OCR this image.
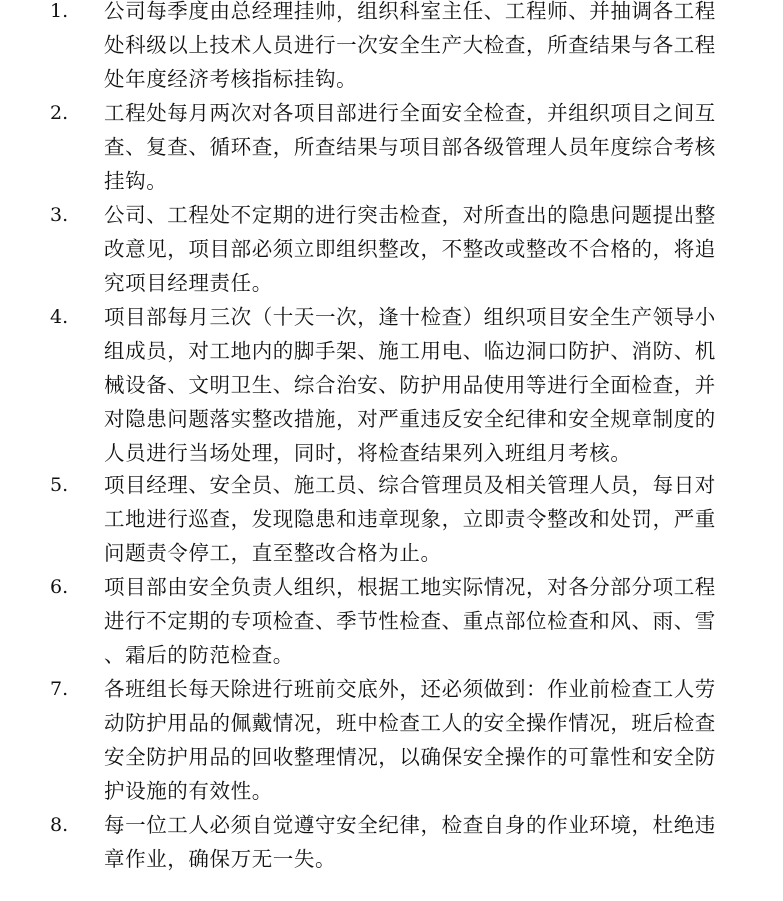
1. 公司每季度由总经理挂帅，组织科室主任、工程师、并抽调各工程
处科级以上技术人员进行一次安全生产大检查，所查结果与各工程
处年度经济考核指标挂钩。
2. 工程处每月两次对各项目部进行全面安全检查，并组织项目之间互
查、复查、循环查，所查结果与项目部各级管理人员年度综合考核
挂钩。
3. 公司、工程处不定期的进行突击检查，对所查出的隐患问题提出整
改意见，项目部必须立即组织整改，不整改或整改不合格的，将追
究项目经理责任。
4. 项目部每月三次（十天一次，逢十检查）组织项目安全生产领导小
组成员，对工地内的脚手架、施工用电、临边洞口防护、消防、机
械设备、文明卫生、综合治安、防护用品使用等进行全面检查，并
对隐患问题落实整改措施，对严重违反安全纪律和安全规章制度的
人员进行当场处理，同时，将检查结果列入班组月考核。
5. 项目经理、安全员、施工员、综合管理员及相关管理人员，每日对
工地进行巡查，发现隐患和违章现象，立即责令整改和处罚，严重
问题责令停工，直至整改合格为止。
6. 项目部由安全负责人组织，根据工地实际情况，对各分部分项工程
进行不定期的专项检查、季节性检查、重点部位检查和风、雨、雪
、霜后的防范检查。
7. 各班组长每天除进行班前交底外，还必须做到：作业前检查工人劳
动防护用品的佩戴情况，班中检查工人的安全操作情况，班后检查
安全防护用品的回收整理情况，以确保安全操作的可靠性和安全防
护设施的有效性。
8. 每一位工人必须自觉遵守安全纪律，检查自身的作业环境，杜绝违
章作业，确保万无一失。
